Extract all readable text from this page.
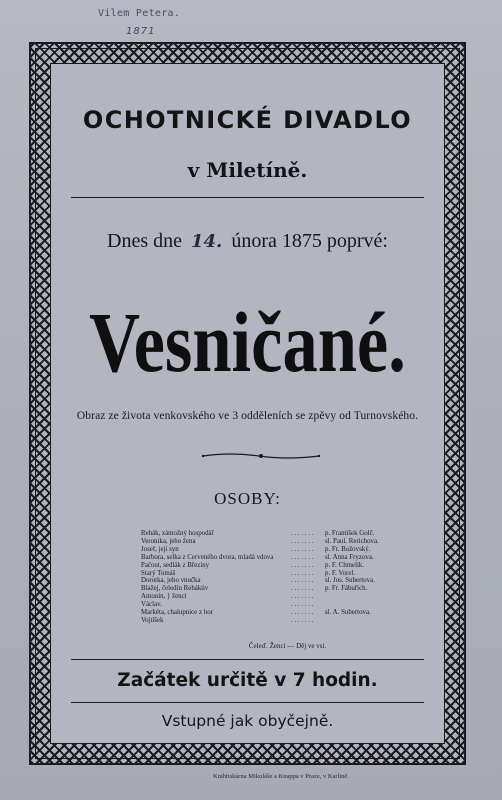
Vilem Petera.
1871
OCHOTNICKÉ DIVADLO
v Miletíně.
Dnes dne 14. února 1875 poprvé:
Vesničané.
Obraz ze života venkovského ve 3 odděleních se zpěvy od Turnovského.
OSOBY:
Řehák, zámožný hospodář	. . . . . . .	p. František Golč.
Veronika, jeho žena	. . . . . . .	sl. Paul. Rerichova.
Josef, její syn	. . . . . . .	p. Fr. Božovský.
Barbora, selka z Červeného dvora, mladá vdova	. . . . . . .	sl. Anna Fryzova.
Pačout, sedlák z Březiny	. . . . . . .	p. F. Chmelík.
Starý Tomáš	. . . . . . .	p. F. Vorel.
Dorotka, jeho vnučka	. . . . . . .	sl. Jos. Šubertova.
Blažej, čeledín Řehákův	. . . . . . .	p. Fr. Fábuřich.
Antonín, } ženci	. . . . . . .
Václav.	. . . . . . .
Markéta, chalupnice z hor	. . . . . . .	sl. A. Šubertova.
Vojtíšek	. . . . . . .
Čeleď. Ženci — Děj ve vsi.
Začátek určitě v 7 hodin.
Vstupné jak obyčejně.
Knihtiskárna Mikuláše a Knappa v Praze, v Karlině.
